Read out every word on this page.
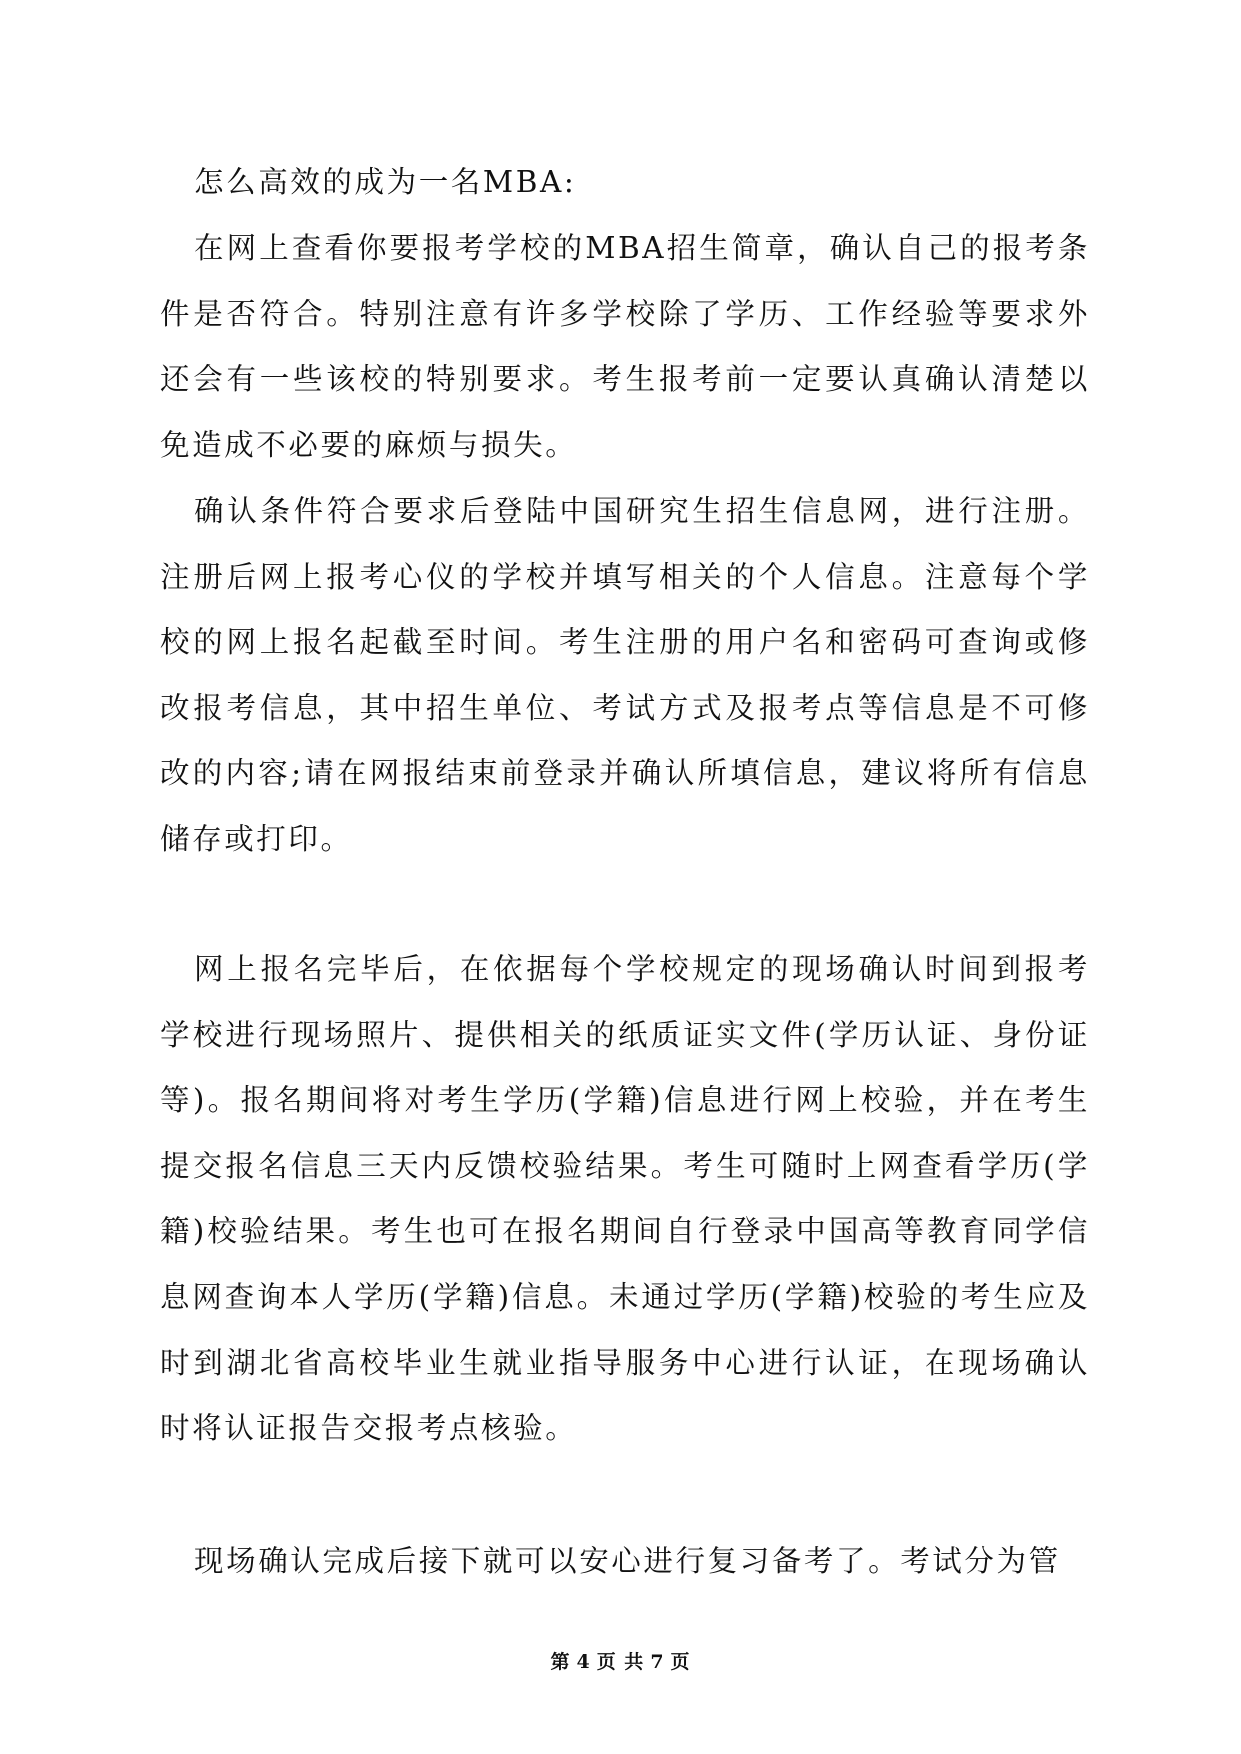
怎么高效的成为一名MBA:

在网上查看你要报考学校的MBA招生简章，确认自己的报考条件是否符合。特别注意有许多学校除了学历、工作经验等要求外还会有一些该校的特别要求。考生报考前一定要认真确认清楚以免造成不必要的麻烦与损失。

确认条件符合要求后登陆中国研究生招生信息网，进行注册。注册后网上报考心仪的学校并填写相关的个人信息。注意每个学校的网上报名起截至时间。考生注册的用户名和密码可查询或修改报考信息，其中招生单位、考试方式及报考点等信息是不可修改的内容;请在网报结束前登录并确认所填信息，建议将所有信息储存或打印。

网上报名完毕后，在依据每个学校规定的现场确认时间到报考学校进行现场照片、提供相关的纸质证实文件(学历认证、身份证等)。报名期间将对考生学历(学籍)信息进行网上校验，并在考生提交报名信息三天内反馈校验结果。考生可随时上网查看学历(学籍)校验结果。考生也可在报名期间自行登录中国高等教育同学信息网查询本人学历(学籍)信息。未通过学历(学籍)校验的考生应及时到湖北省高校毕业生就业指导服务中心进行认证，在现场确认时将认证报告交报考点核验。

现场确认完成后接下就可以安心进行复习备考了。考试分为管

第 4 页 共 7 页
